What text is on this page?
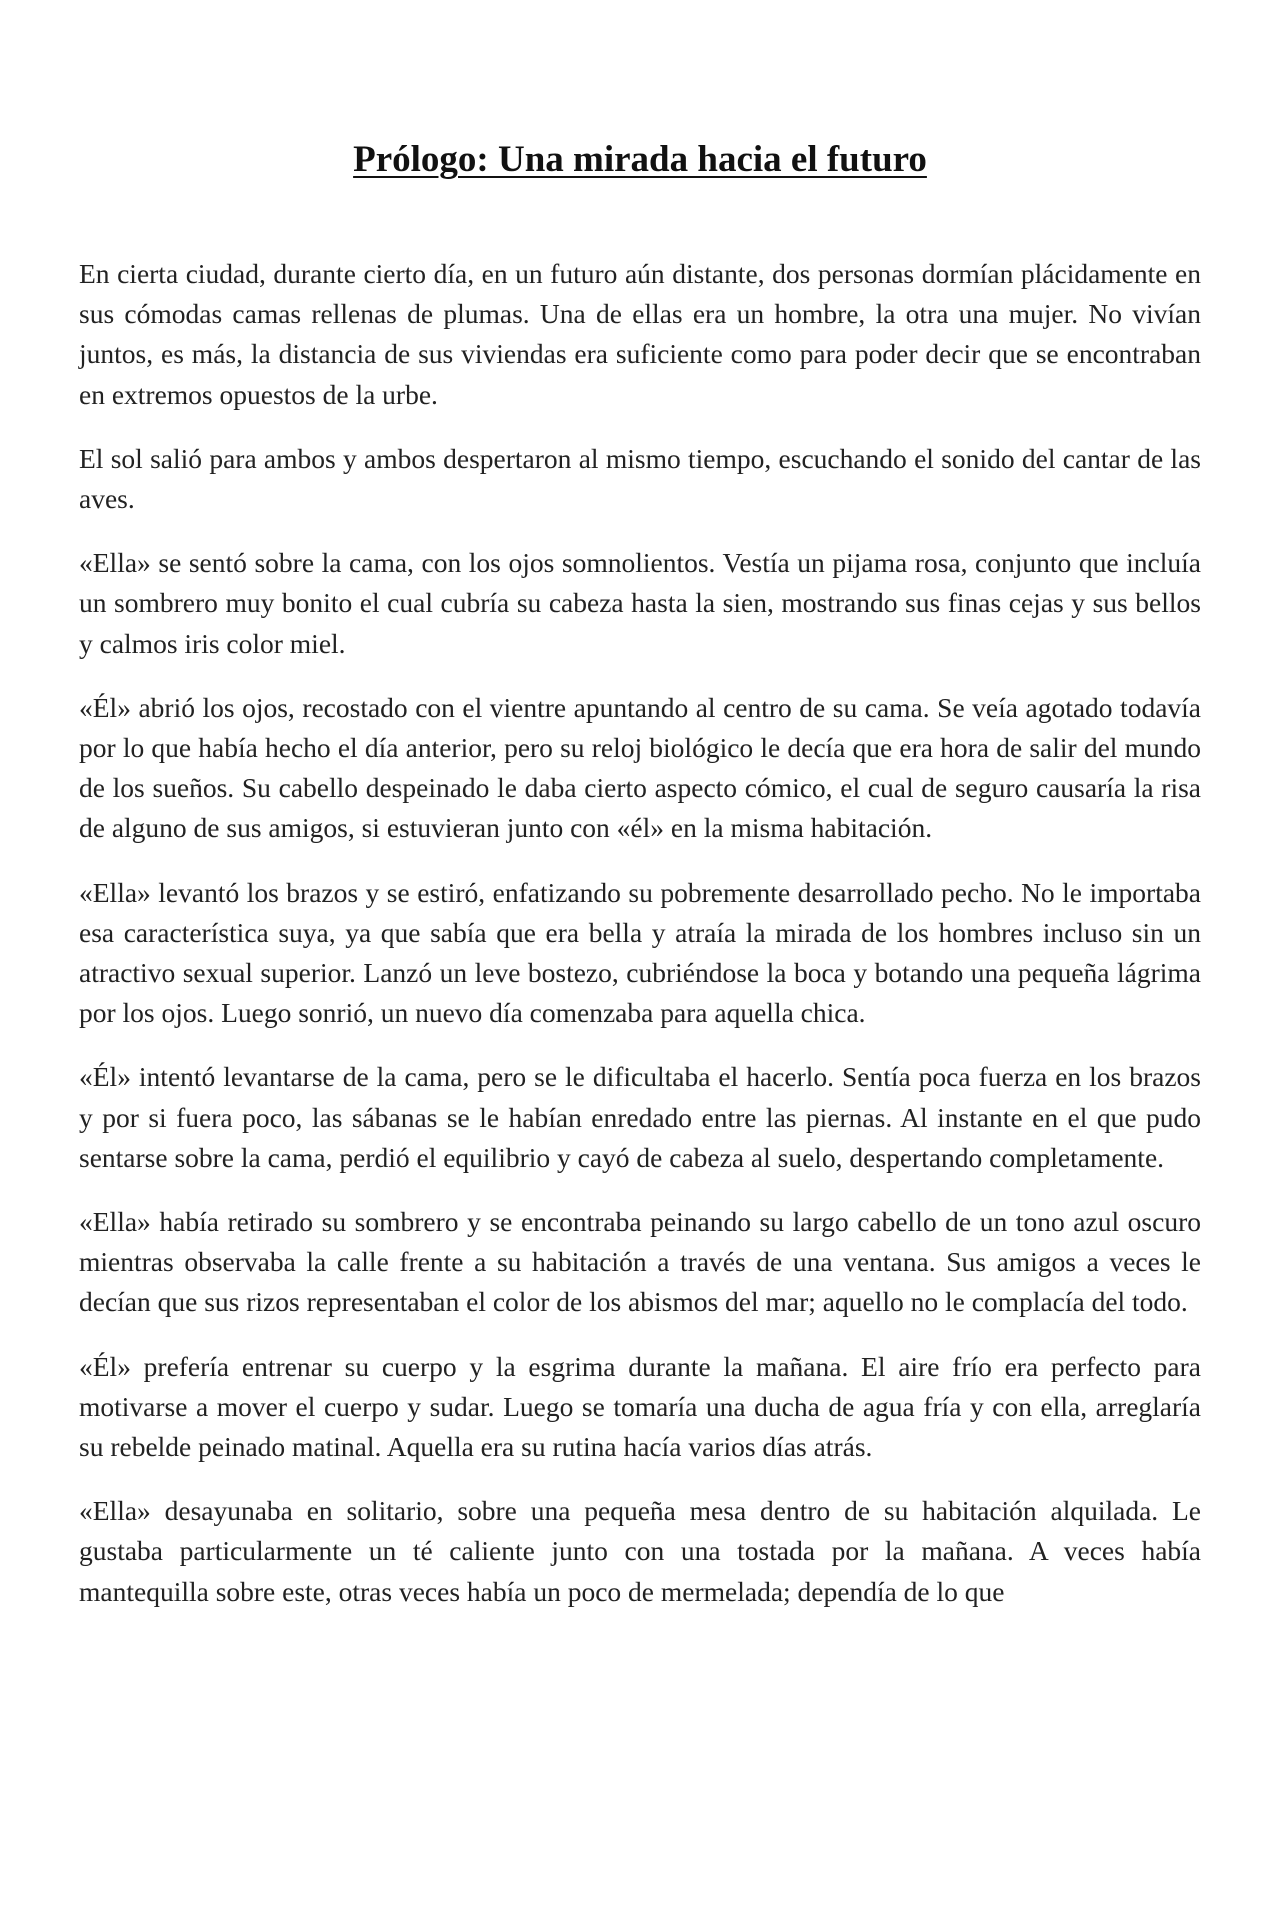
Prólogo: Una mirada hacia el futuro

En cierta ciudad, durante cierto día, en un futuro aún distante, dos personas dormían plácidamente en sus cómodas camas rellenas de plumas. Una de ellas era un hombre, la otra una mujer. No vivían juntos, es más, la distancia de sus viviendas era suficiente como para poder decir que se encontraban en extremos opuestos de la urbe.

El sol salió para ambos y ambos despertaron al mismo tiempo, escuchando el sonido del cantar de las aves.

«Ella» se sentó sobre la cama, con los ojos somnolientos. Vestía un pijama rosa, conjunto que incluía un sombrero muy bonito el cual cubría su cabeza hasta la sien, mostrando sus finas cejas y sus bellos y calmos iris color miel.

«Él» abrió los ojos, recostado con el vientre apuntando al centro de su cama. Se veía agotado todavía por lo que había hecho el día anterior, pero su reloj biológico le decía que era hora de salir del mundo de los sueños. Su cabello despeinado le daba cierto aspecto cómico, el cual de seguro causaría la risa de alguno de sus amigos, si estuvieran junto con «él» en la misma habitación.

«Ella» levantó los brazos y se estiró, enfatizando su pobremente desarrollado pecho. No le importaba esa característica suya, ya que sabía que era bella y atraía la mirada de los hombres incluso sin un atractivo sexual superior. Lanzó un leve bostezo, cubriéndose la boca y botando una pequeña lágrima por los ojos. Luego sonrió, un nuevo día comenzaba para aquella chica.

«Él» intentó levantarse de la cama, pero se le dificultaba el hacerlo. Sentía poca fuerza en los brazos y por si fuera poco, las sábanas se le habían enredado entre las piernas. Al instante en el que pudo sentarse sobre la cama, perdió el equilibrio y cayó de cabeza al suelo, despertando completamente.

«Ella» había retirado su sombrero y se encontraba peinando su largo cabello de un tono azul oscuro mientras observaba la calle frente a su habitación a través de una ventana. Sus amigos a veces le decían que sus rizos representaban el color de los abismos del mar; aquello no le complacía del todo.

«Él» prefería entrenar su cuerpo y la esgrima durante la mañana. El aire frío era perfecto para motivarse a mover el cuerpo y sudar. Luego se tomaría una ducha de agua fría y con ella, arreglaría su rebelde peinado matinal. Aquella era su rutina hacía varios días atrás.

«Ella» desayunaba en solitario, sobre una pequeña mesa dentro de su habitación alquilada. Le gustaba particularmente un té caliente junto con una tostada por la mañana. A veces había mantequilla sobre este, otras veces había un poco de mermelada; dependía de lo que
